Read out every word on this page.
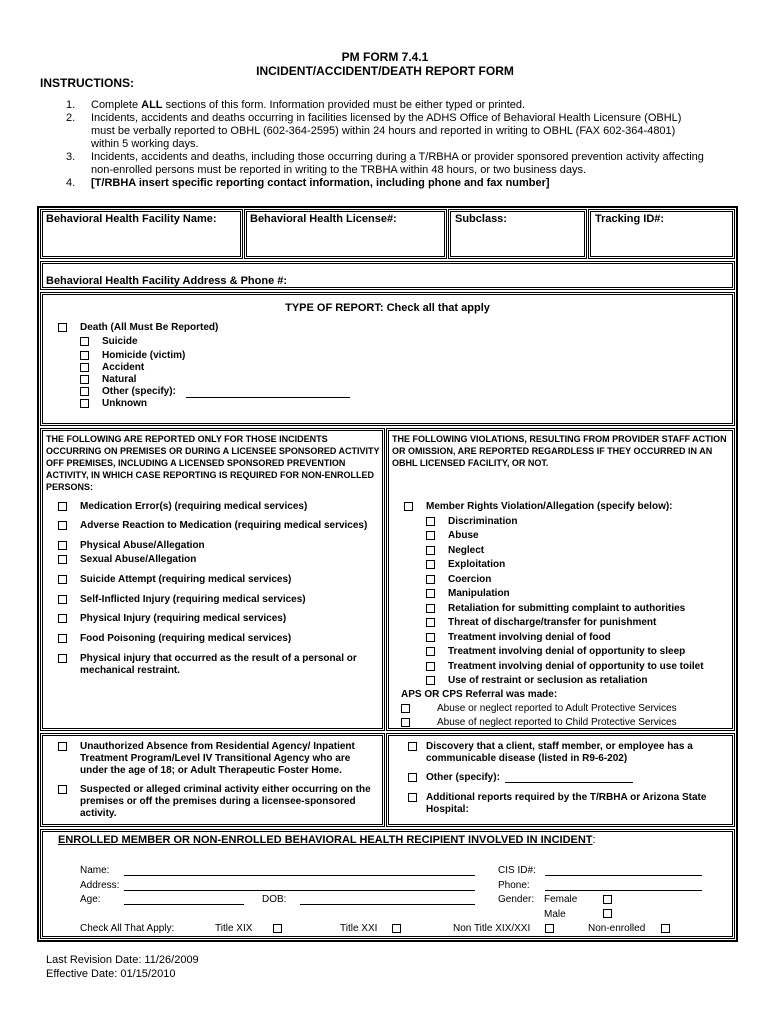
PM FORM 7.4.1
INCIDENT/ACCIDENT/DEATH REPORT FORM
INSTRUCTIONS:
1. Complete ALL sections of this form. Information provided must be either typed or printed.
2. Incidents, accidents and deaths occurring in facilities licensed by the ADHS Office of Behavioral Health Licensure (OBHL) must be verbally reported to OBHL (602-364-2595) within 24 hours and reported in writing to OBHL (FAX 602-364-4801) within 5 working days.
3. Incidents, accidents and deaths, including those occurring during a T/RBHA or provider sponsored prevention activity affecting non-enrolled persons must be reported in writing to the TRBHA within 48 hours, or two business days.
4. [T/RBHA insert specific reporting contact information, including phone and fax number]
Behavioral Health Facility Name:	Behavioral Health License#:	Subclass:	Tracking ID#:
Behavioral Health Facility Address & Phone #:
TYPE OF REPORT: Check all that apply
Death (All Must Be Reported)
Suicide
Homicide (victim)
Accident
Natural
Other (specify):
Unknown
THE FOLLOWING ARE REPORTED ONLY FOR THOSE INCIDENTS OCCURRING ON PREMISES OR DURING A LICENSEE SPONSORED ACTIVITY OFF PREMISES, INCLUDING A LICENSED SPONSORED PREVENTION ACTIVITY, IN WHICH CASE REPORTING IS REQUIRED FOR NON-ENROLLED PERSONS:
Medication Error(s) (requiring medical services)
Adverse Reaction to Medication (requiring medical services)
Physical Abuse/Allegation
Sexual Abuse/Allegation
Suicide Attempt (requiring medical services)
Self-Inflicted Injury (requiring medical services)
Physical Injury (requiring medical services)
Food Poisoning (requiring medical services)
Physical injury that occurred as the result of a personal or mechanical restraint.
THE FOLLOWING VIOLATIONS, RESULTING FROM PROVIDER STAFF ACTION OR OMISSION, ARE REPORTED REGARDLESS IF THEY OCCURRED IN AN OBHL LICENSED FACILITY, OR NOT.
Member Rights Violation/Allegation (specify below):
Discrimination
Abuse
Neglect
Exploitation
Coercion
Manipulation
Retaliation for submitting complaint to authorities
Threat of discharge/transfer for punishment
Treatment involving denial of food
Treatment involving denial of opportunity to sleep
Treatment involving denial of opportunity to use toilet
Use of restraint or seclusion as retaliation
APS OR CPS Referral was made:
Abuse or neglect reported to Adult Protective Services
Abuse of neglect reported to Child Protective Services
Unauthorized Absence from Residential Agency/ Inpatient Treatment Program/Level IV Transitional Agency who are under the age of 18; or Adult Therapeutic Foster Home.
Suspected or alleged criminal activity either occurring on the premises or off the premises during a licensee-sponsored activity.
Discovery that a client, staff member, or employee has a communicable disease (listed in R9-6-202)
Other (specify):
Additional reports required by the T/RBHA or Arizona State Hospital:
ENROLLED MEMBER OR NON-ENROLLED BEHAVIORAL HEALTH RECIPIENT INVOLVED IN INCIDENT:
Name:
Address:
Age:	DOB:
CIS ID#:
Phone:
Gender: Female
Male
Check All That Apply:	Title XIX	Title XXI	Non Title XIX/XXI	Non-enrolled
Last Revision Date: 11/26/2009
Effective Date: 01/15/2010
